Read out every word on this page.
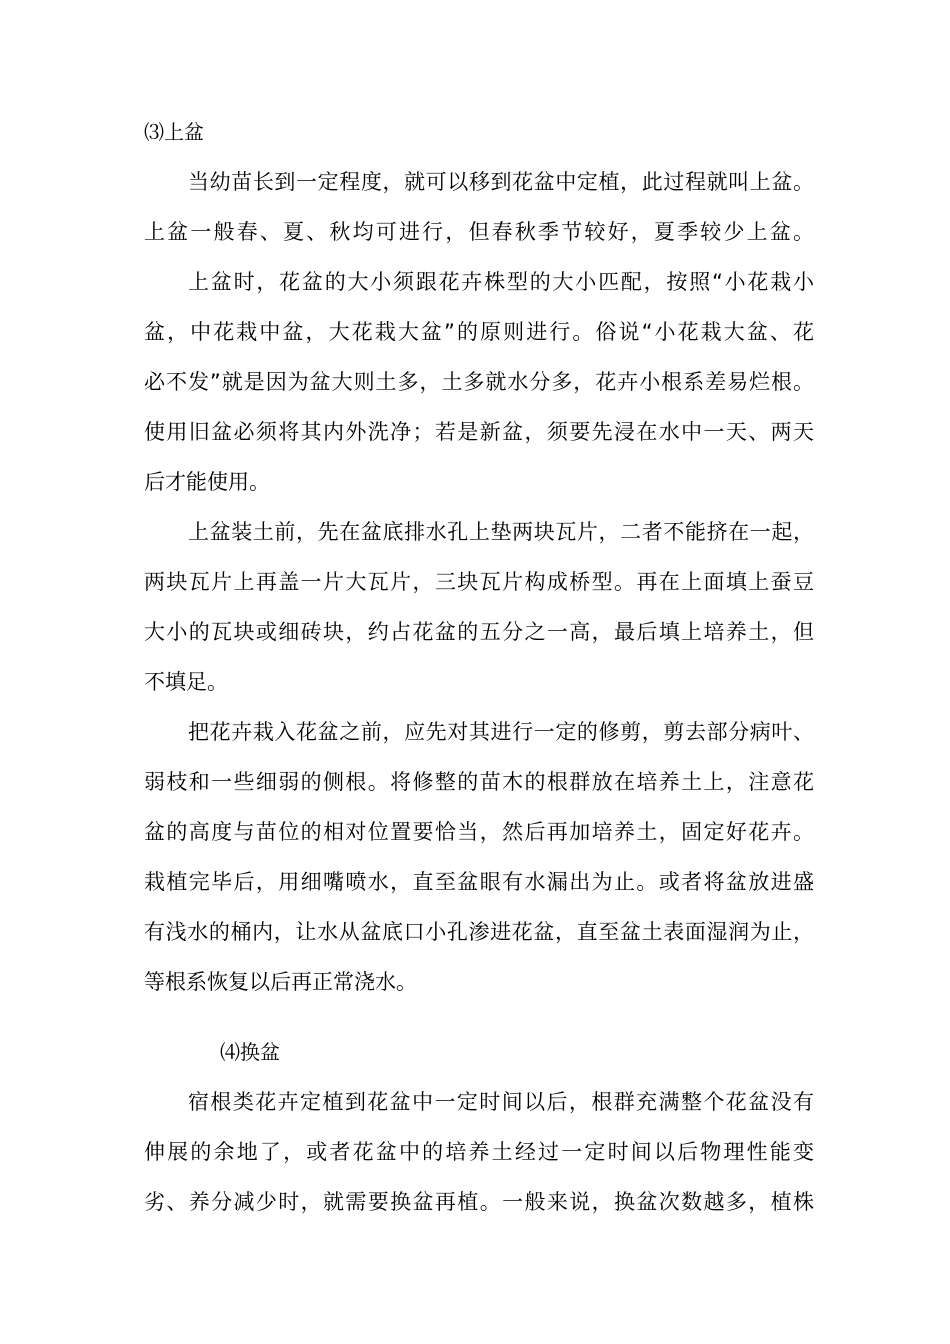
⑶上盆
当幼苗长到一定程度，就可以移到花盆中定植，此过程就叫上盆。
上盆一般春、夏、秋均可进行，但春秋季节较好，夏季较少上盆。
上盆时，花盆的大小须跟花卉株型的大小匹配，按照“小花栽小
盆，中花栽中盆，大花栽大盆”的原则进行。俗说“小花栽大盆、花
必不发”就是因为盆大则土多，土多就水分多，花卉小根系差易烂根。
使用旧盆必须将其内外洗净；若是新盆，须要先浸在水中一天、两天
后才能使用。
上盆装土前，先在盆底排水孔上垫两块瓦片，二者不能挤在一起，
两块瓦片上再盖一片大瓦片，三块瓦片构成桥型。再在上面填上蚕豆
大小的瓦块或细砖块，约占花盆的五分之一高，最后填上培养土，但
不填足。
把花卉栽入花盆之前，应先对其进行一定的修剪，剪去部分病叶、
弱枝和一些细弱的侧根。将修整的苗木的根群放在培养土上，注意花
盆的高度与苗位的相对位置要恰当，然后再加培养土，固定好花卉。
栽植完毕后，用细嘴喷水，直至盆眼有水漏出为止。或者将盆放进盛
有浅水的桶内，让水从盆底口小孔渗进花盆，直至盆土表面湿润为止，
等根系恢复以后再正常浇水。
⑷换盆
宿根类花卉定植到花盆中一定时间以后，根群充满整个花盆没有
伸展的余地了，或者花盆中的培养土经过一定时间以后物理性能变
劣、养分减少时，就需要换盆再植。一般来说，换盆次数越多，植株
